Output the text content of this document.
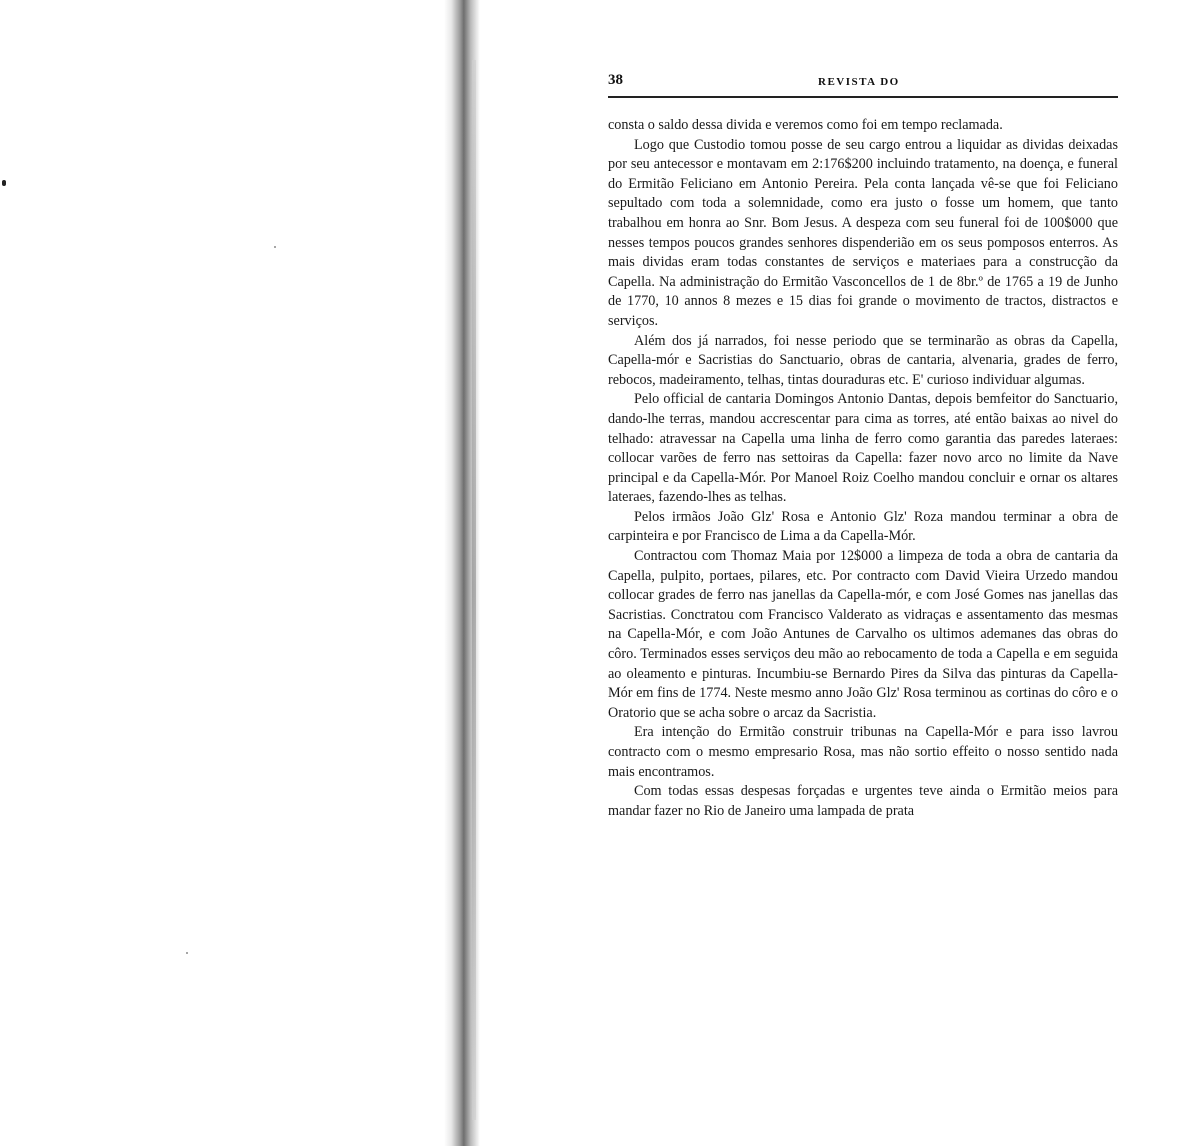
38	REVISTA DO

consta o saldo dessa divida e veremos como foi em tempo reclamada.

Logo que Custodio tomou posse de seu cargo entrou a liquidar as dividas deixadas por seu antecessor e montavam em 2:176$200 incluindo tratamento, na doença, e funeral do Ermitão Feliciano em Antonio Pereira. Pela conta lançada vê-se que foi Feliciano sepultado com toda a solemnidade, como era justo o fosse um homem, que tanto trabalhou em honra ao Snr. Bom Jesus. A despeza com seu funeral foi de 100$000 que nesses tempos poucos grandes senhores dispenderião em os seus pomposos enterros. As mais dividas eram todas constantes de serviços e materiaes para a construcção da Capella. Na administração do Ermitão Vasconcellos de 1 de 8br.º de 1765 a 19 de Junho de 1770, 10 annos 8 mezes e 15 dias foi grande o movimento de tractos, distractos e serviços.

Além dos já narrados, foi nesse periodo que se terminarão as obras da Capella, Capella-mór e Sacristias do Sanctuario, obras de cantaria, alvenaria, grades de ferro, rebocos, madeiramento, telhas, tintas douraduras etc. E' curioso individuar algumas.

Pelo official de cantaria Domingos Antonio Dantas, depois bemfeitor do Sanctuario, dando-lhe terras, mandou accrescentar para cima as torres, até então baixas ao nivel do telhado: atravessar na Capella uma linha de ferro como garantia das paredes lateraes: collocar varões de ferro nas settoiras da Capella: fazer novo arco no limite da Nave principal e da Capella-Mór. Por Manoel Roiz Coelho mandou concluir e ornar os altares lateraes, fazendo-lhes as telhas.

Pelos irmãos João Glz' Rosa e Antonio Glz' Roza mandou terminar a obra de carpinteira e por Francisco de Lima a da Capella-Mór.

Contractou com Thomaz Maia por 12$000 a limpeza de toda a obra de cantaria da Capella, pulpito, portaes, pilares, etc. Por contracto com David Vieira Urzedo mandou collocar grades de ferro nas janellas da Capella-mór, e com José Gomes nas janellas das Sacristias. Conctratou com Francisco Valderato as vidraças e assentamento das mesmas na Capella-Mór, e com João Antunes de Carvalho os ultimos ademanes das obras do côro. Terminados esses serviços deu mão ao rebocamento de toda a Capella e em seguida ao oleamento e pinturas. Incumbiu-se Bernardo Pires da Silva das pinturas da Capella-Mór em fins de 1774. Neste mesmo anno João Glz' Rosa terminou as cortinas do côro e o Oratorio que se acha sobre o arcaz da Sacristia.

Era intenção do Ermitão construir tribunas na Capella-Mór e para isso lavrou contracto com o mesmo empresario Rosa, mas não sortio effeito o nosso sentido nada mais encontramos.

Com todas essas despesas forçadas e urgentes teve ainda o Ermitão meios para mandar fazer no Rio de Janeiro uma lampada de prata
